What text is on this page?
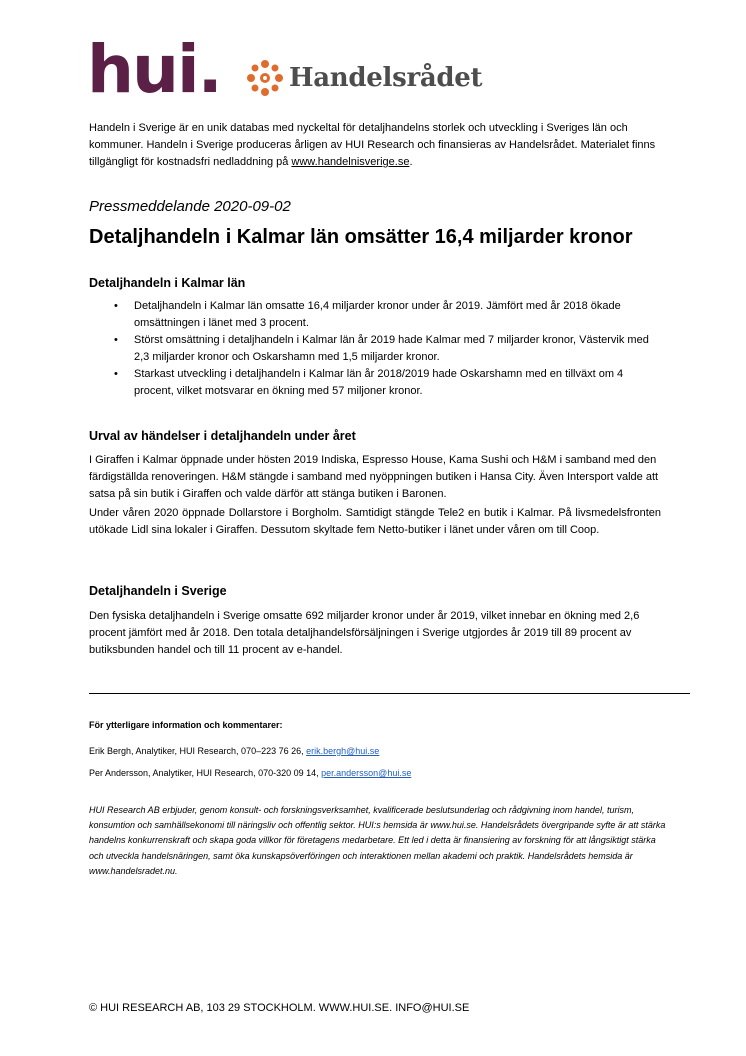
hui.	Handelsrådet

Handeln i Sverige är en unik databas med nyckeltal för detaljhandelns storlek och utveckling i Sveriges län och kommuner. Handeln i Sverige produceras årligen av HUI Research och finansieras av Handelsrådet. Materialet finns tillgängligt för kostnadsfri nedladdning på www.handelnisverige.se.

Pressmeddelande 2020-09-02
Detaljhandeln i Kalmar län omsätter 16,4 miljarder kronor
Detaljhandeln i Kalmar län
• Detaljhandeln i Kalmar län omsatte 16,4 miljarder kronor under år 2019. Jämfört med år 2018 ökade omsättningen i länet med 3 procent.
• Störst omsättning i detaljhandeln i Kalmar län år 2019 hade Kalmar med 7 miljarder kronor, Västervik med 2,3 miljarder kronor och Oskarshamn med 1,5 miljarder kronor.
• Starkast utveckling i detaljhandeln i Kalmar län år 2018/2019 hade Oskarshamn med en tillväxt om 4 procent, vilket motsvarar en ökning med 57 miljoner kronor.
Urval av händelser i detaljhandeln under året

I Giraffen i Kalmar öppnade under hösten 2019 Indiska, Espresso House, Kama Sushi och H&M i samband med den färdigställda renoveringen. H&M stängde i samband med nyöppningen butiken i Hansa City. Även Intersport valde att satsa på sin butik i Giraffen och valde därför att stänga butiken i Baronen.

Under våren 2020 öppnade Dollarstore i Borgholm. Samtidigt stängde Tele2 en butik i Kalmar. På livsmedelsfronten utökade Lidl sina lokaler i Giraffen. Dessutom skyltade fem Netto-butiker i länet under våren om till Coop.

Detaljhandeln i Sverige

Den fysiska detaljhandeln i Sverige omsatte 692 miljarder kronor under år 2019, vilket innebar en ökning med 2,6 procent jämfört med år 2018. Den totala detaljhandelsförsäljningen i Sverige utgjordes år 2019 till 89 procent av butiksbunden handel och till 11 procent av e-handel.

För ytterligare information och kommentarer:

Erik Bergh, Analytiker, HUI Research, 070–223 76 26, erik.bergh@hui.se

Per Andersson, Analytiker, HUI Research, 070-320 09 14, per.andersson@hui.se

HUI Research AB erbjuder, genom konsult- och forskningsverksamhet, kvalificerade beslutsunderlag och rådgivning inom handel, turism, konsumtion och samhällsekonomi till näringsliv och offentlig sektor. HUI:s hemsida är www.hui.se. Handelsrådets övergripande syfte är att stärka handelns konkurrenskraft och skapa goda villkor för företagens medarbetare. Ett led i detta är finansiering av forskning för att långsiktigt stärka och utveckla handelsnäringen, samt öka kunskapsöverföringen och interaktionen mellan akademi och praktik. Handelsrådets hemsida är www.handelsradet.nu.

© HUI RESEARCH AB, 103 29 STOCKHOLM. WWW.HUI.SE. INFO@HUI.SE
